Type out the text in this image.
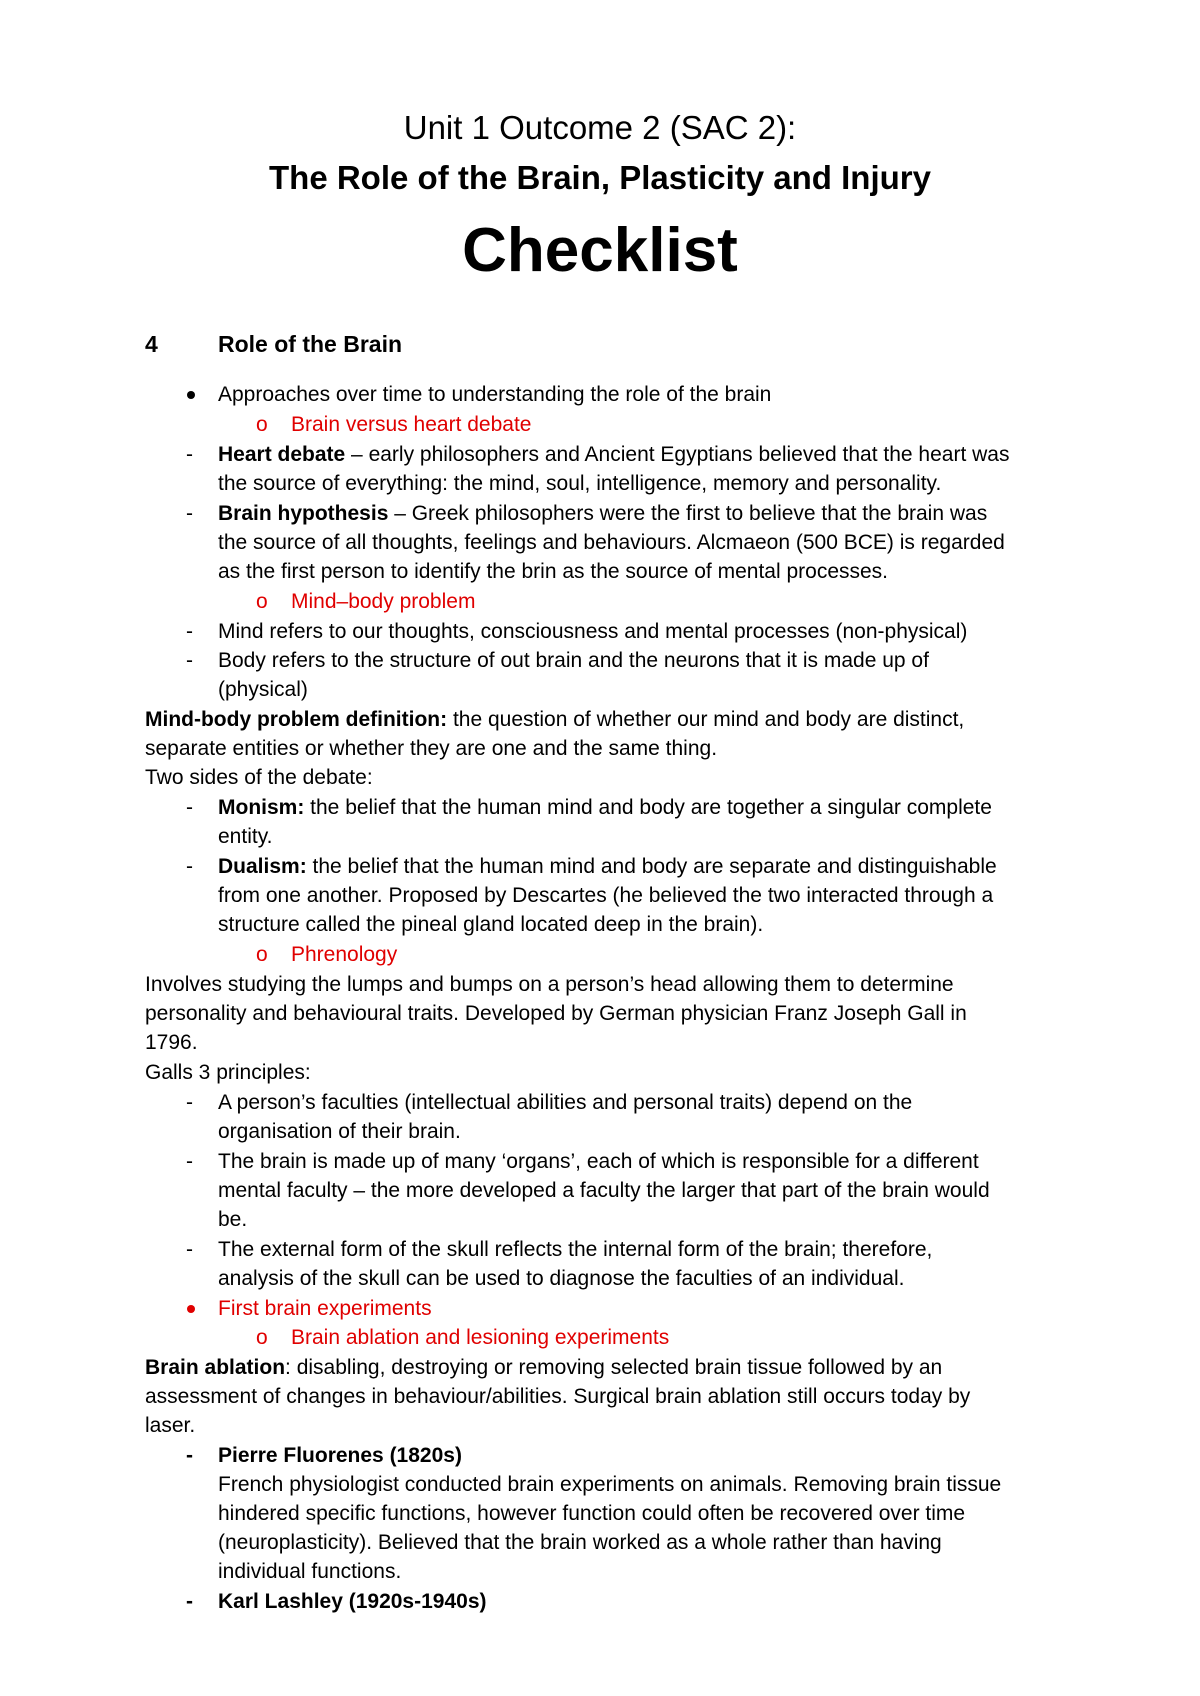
Unit 1 Outcome 2 (SAC 2):
The Role of the Brain, Plasticity and Injury
Checklist
4	Role of the Brain
Approaches over time to understanding the role of the brain
o Brain versus heart debate
- Heart debate – early philosophers and Ancient Egyptians believed that the heart was
the source of everything: the mind, soul, intelligence, memory and personality.
- Brain hypothesis – Greek philosophers were the first to believe that the brain was
the source of all thoughts, feelings and behaviours. Alcmaeon (500 BCE) is regarded
as the first person to identify the brin as the source of mental processes.
o Mind–body problem
- Mind refers to our thoughts, consciousness and mental processes (non-physical)
- Body refers to the structure of out brain and the neurons that it is made up of
(physical)
Mind-body problem definition: the question of whether our mind and body are distinct,
separate entities or whether they are one and the same thing.
Two sides of the debate:
- Monism: the belief that the human mind and body are together a singular complete
entity.
- Dualism: the belief that the human mind and body are separate and distinguishable
from one another. Proposed by Descartes (he believed the two interacted through a
structure called the pineal gland located deep in the brain).
o Phrenology
Involves studying the lumps and bumps on a person’s head allowing them to determine
personality and behavioural traits. Developed by German physician Franz Joseph Gall in
1796.
Galls 3 principles:
- A person’s faculties (intellectual abilities and personal traits) depend on the
organisation of their brain.
- The brain is made up of many ‘organs’, each of which is responsible for a different
mental faculty – the more developed a faculty the larger that part of the brain would
be.
- The external form of the skull reflects the internal form of the brain; therefore,
analysis of the skull can be used to diagnose the faculties of an individual.
First brain experiments
o Brain ablation and lesioning experiments
Brain ablation: disabling, destroying or removing selected brain tissue followed by an
assessment of changes in behaviour/abilities. Surgical brain ablation still occurs today by
laser.
- Pierre Fluorenes (1820s)
French physiologist conducted brain experiments on animals. Removing brain tissue
hindered specific functions, however function could often be recovered over time
(neuroplasticity). Believed that the brain worked as a whole rather than having
individual functions.
- Karl Lashley (1920s-1940s)
